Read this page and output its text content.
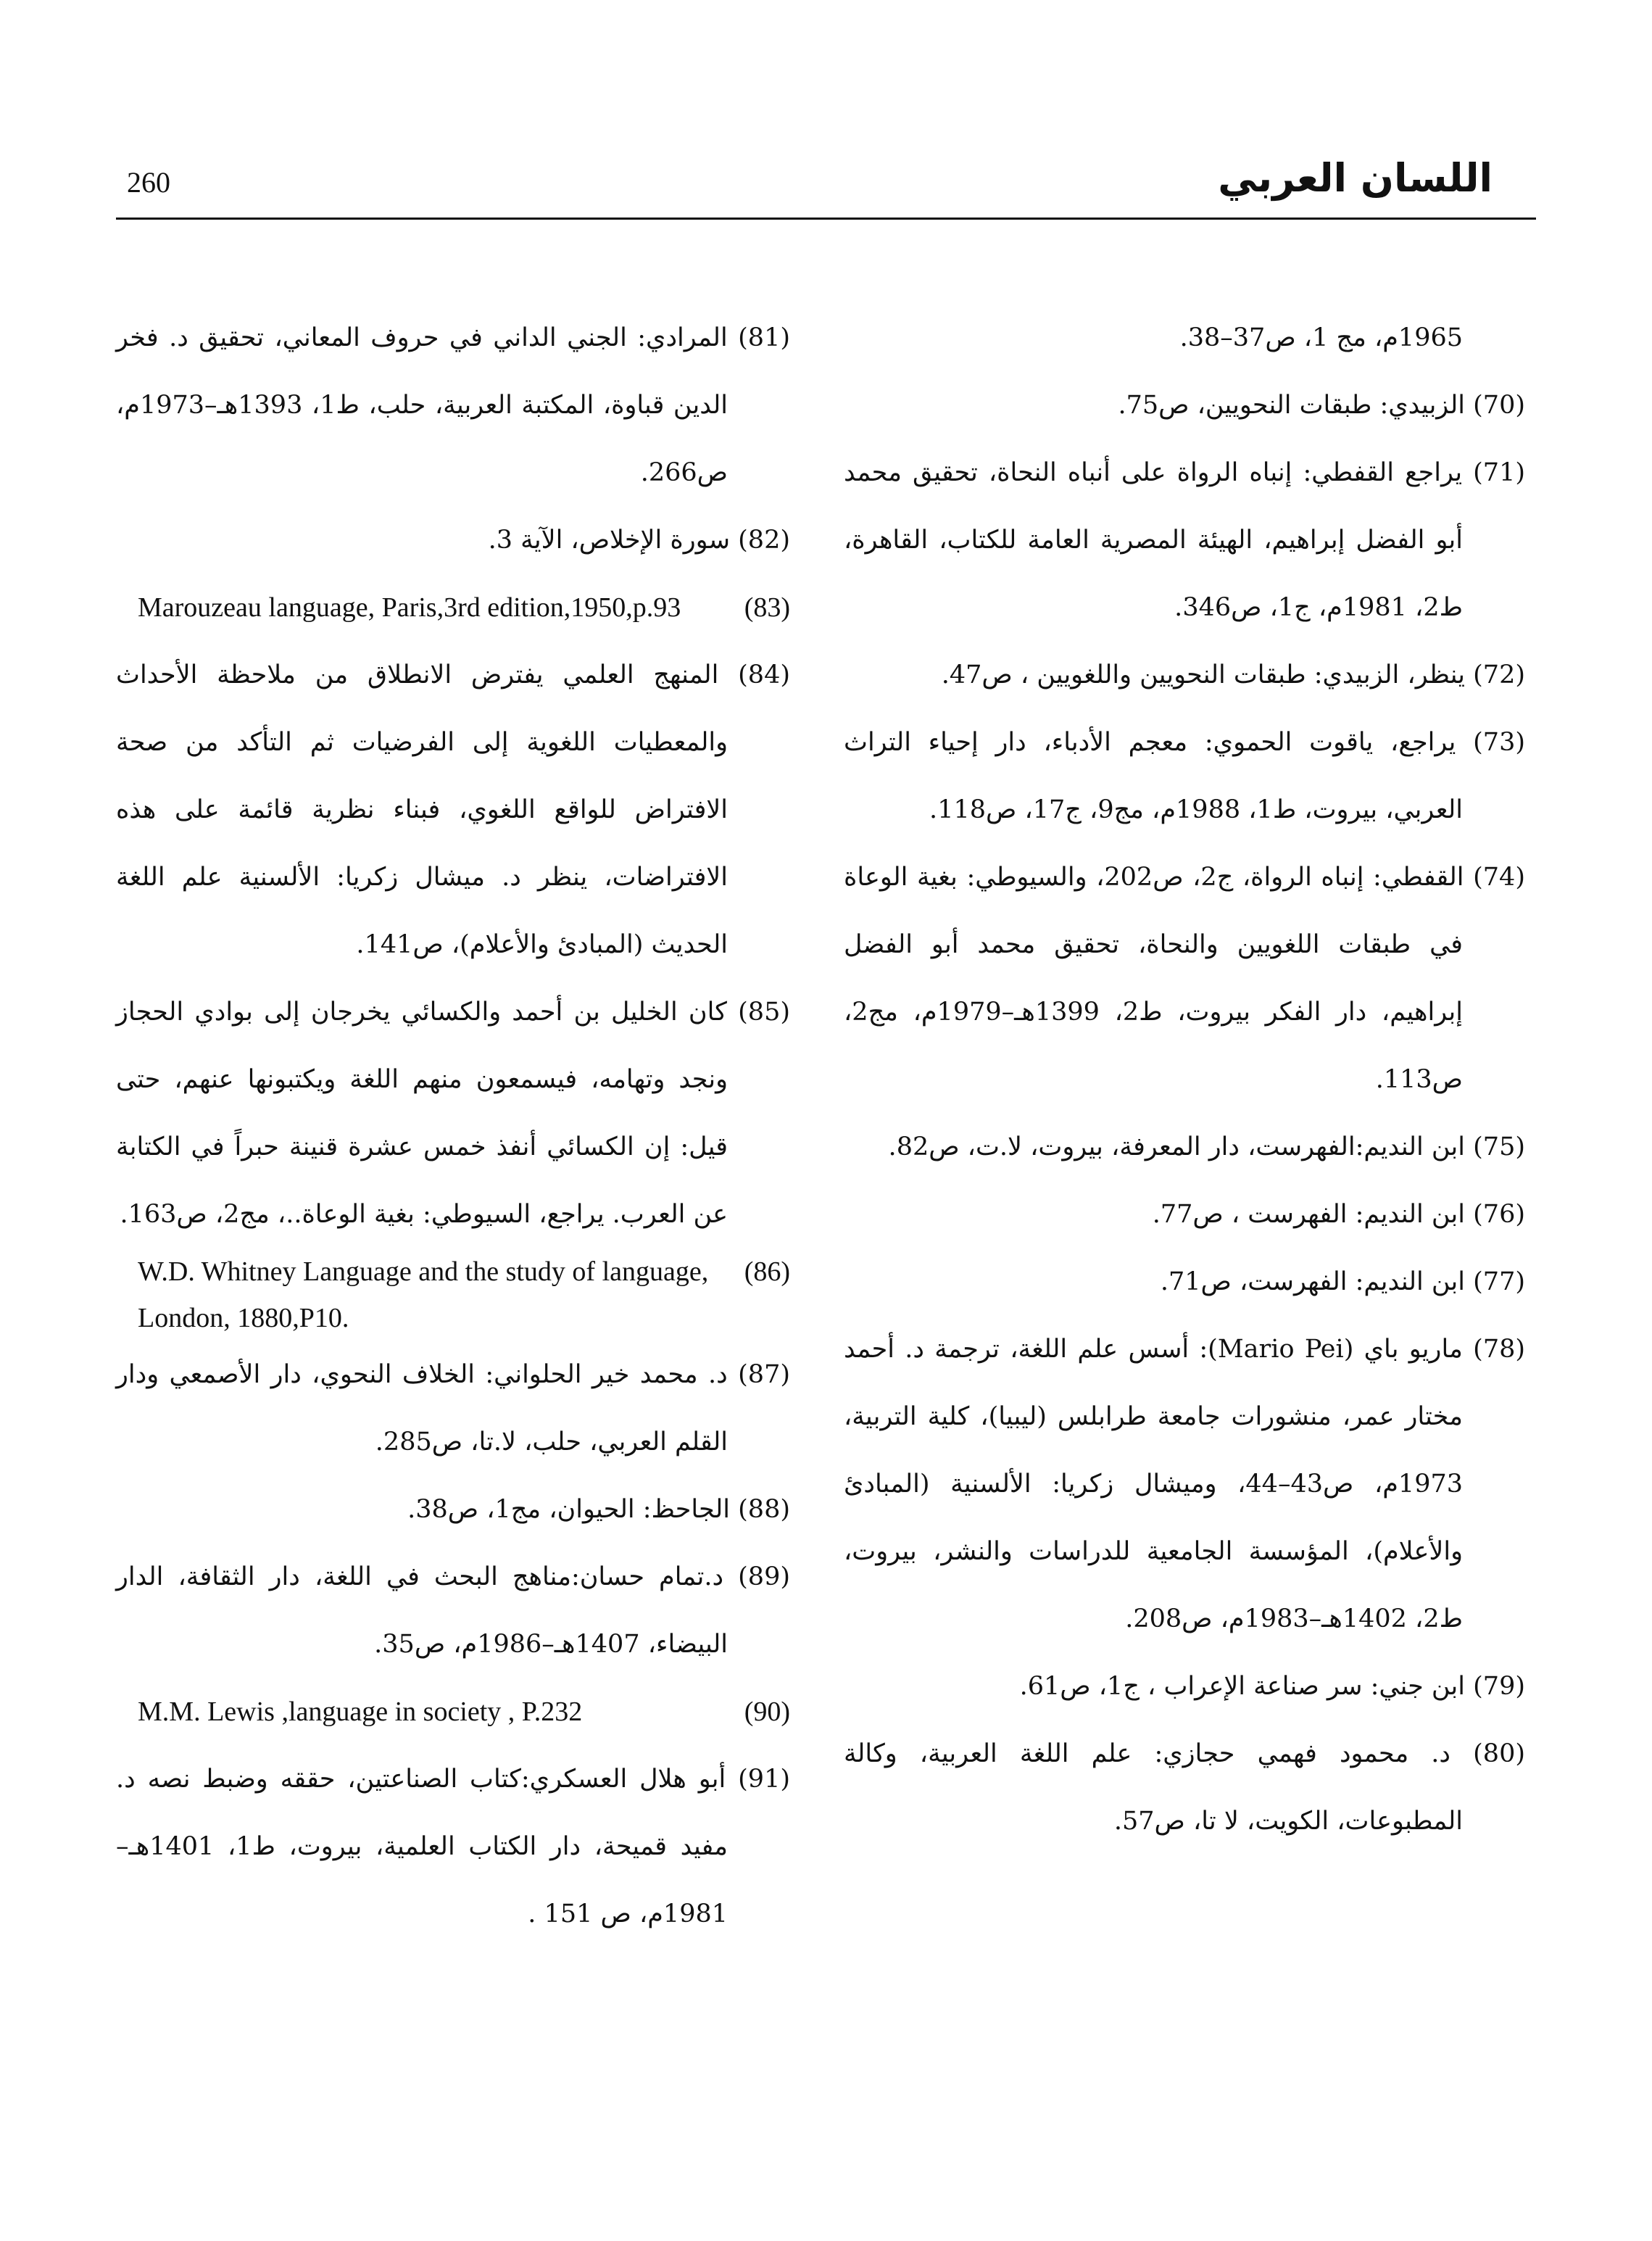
260	اللسان العربي

1965م، مج 1، ص37–38.

(70) الزبيدي: طبقات النحويين، ص75.

(71) يراجع القفطي: إنباه الرواة على أنباه النحاة، تحقيق محمد أبو الفضل إبراهيم، الهيئة المصرية العامة للكتاب، القاهرة، ط2، 1981م، ج1، ص346.

(72) ينظر، الزبيدي: طبقات النحويين واللغويين ، ص47.

(73) يراجع، ياقوت الحموي: معجم الأدباء، دار إحياء التراث العربي، بيروت، ط1، 1988م، مج9، ج17، ص118.

(74) القفطي: إنباه الرواة، ج2، ص202، والسيوطي: بغية الوعاة في طبقات اللغويين والنحاة، تحقيق محمد أبو الفضل إبراهيم، دار الفكر بيروت، ط2، 1399هـ–1979م، مج2، ص113.

(75) ابن النديم:الفهرست، دار المعرفة، بيروت، لا.ت، ص82.

(76) ابن النديم: الفهرست ، ص77.

(77) ابن النديم: الفهرست، ص71.

(78) ماريو باي (Mario Pei): أسس علم اللغة، ترجمة د. أحمد مختار عمر، منشورات جامعة طرابلس (ليبيا)، كلية التربية، 1973م، ص43–44، وميشال زكريا: الألسنية (المبادئ والأعلام)، المؤسسة الجامعية للدراسات والنشر، بيروت، ط2، 1402هـ–1983م، ص208.

(79) ابن جني: سر صناعة الإعراب ، ج1، ص61.

(80) د. محمود فهمي حجازي: علم اللغة العربية، وكالة المطبوعات، الكويت، لا تا، ص57.

(81) المرادي: الجني الداني في حروف المعاني، تحقيق د. فخر الدين قباوة، المكتبة العربية، حلب، ط1، 1393هـ–1973م، ص266.

(82) سورة الإخلاص، الآية 3.

(83)
Marouzeau language, Paris,3rd edition,1950,p.93

(84) المنهج العلمي يفترض الانطلاق من ملاحظة الأحداث والمعطيات اللغوية إلى الفرضيات ثم التأكد من صحة الافتراض للواقع اللغوي، فبناء نظرية قائمة على هذه الافتراضات، ينظر د. ميشال زكريا: الألسنية علم اللغة الحديث (المبادئ والأعلام)، ص141.

(85) كان الخليل بن أحمد والكسائي يخرجان إلى بوادي الحجاز ونجد وتهامه، فيسمعون منهم اللغة ويكتبونها عنهم، حتى قيل: إن الكسائي أنفذ خمس عشرة قنينة حبراً في الكتابة عن العرب. يراجع، السيوطي: بغية الوعاة..، مج2، ص163.

(86)
W.D. Whitney Language and the study of language, London, 1880,P10.

(87) د. محمد خير الحلواني: الخلاف النحوي، دار الأصمعي ودار القلم العربي، حلب، لا.تا، ص285.

(88) الجاحظ: الحيوان، مج1، ص38.

(89) د.تمام حسان:مناهج البحث في اللغة، دار الثقافة، الدار البيضاء، 1407هـ–1986م، ص35.

(90)
M.M. Lewis ,language in society , P.232

(91) أبو هلال العسكري:كتاب الصناعتين، حققه وضبط نصه د. مفيد قميحة، دار الكتاب العلمية، بيروت، ط1، 1401هـ– 1981م، ص 151 .
